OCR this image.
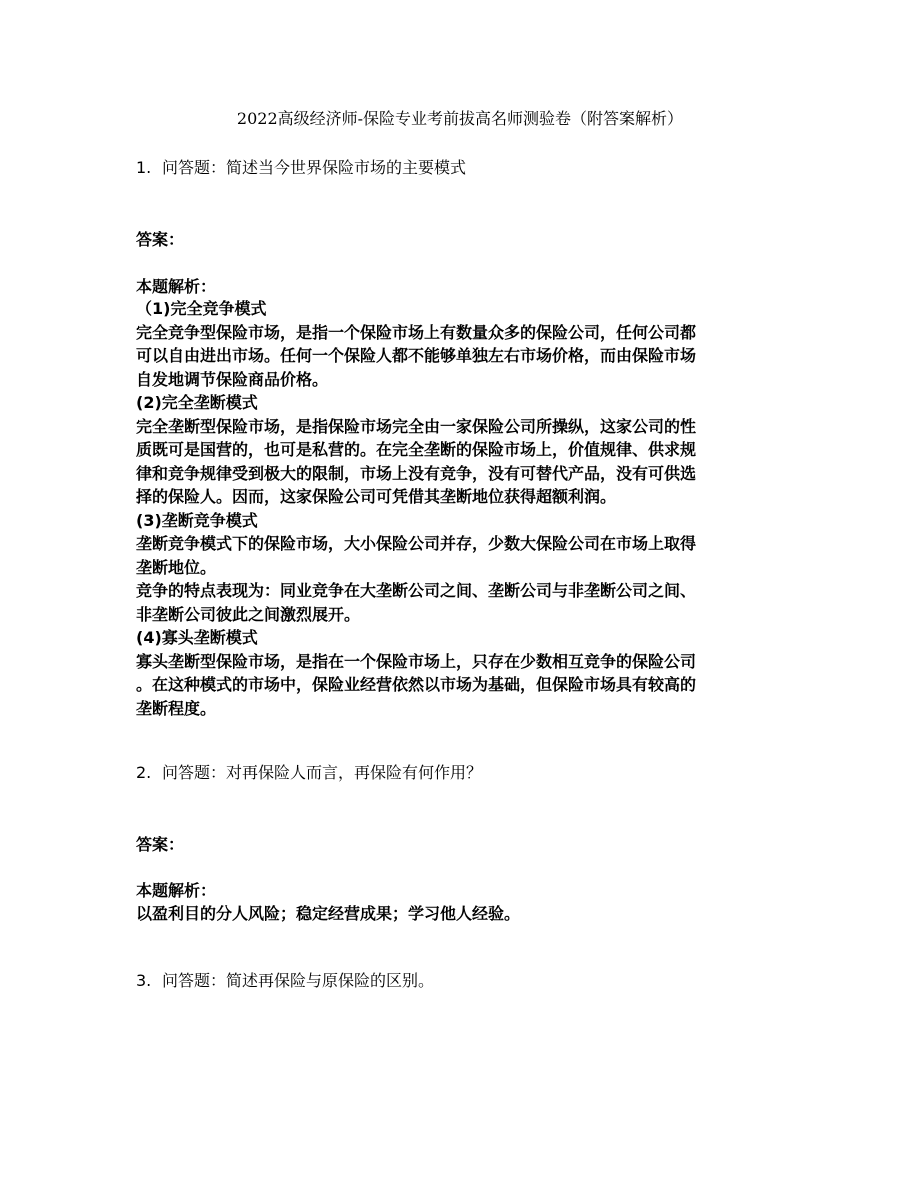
2022高级经济师-保险专业考前拔高名师测验卷（附答案解析）
1. 问答题：简述当今世界保险市场的主要模式
答案：
本题解析：
（1)完全竞争模式
完全竞争型保险市场，是指一个保险市场上有数量众多的保险公司，任何公司都
可以自由进出市场。任何一个保险人都不能够单独左右市场价格，而由保险市场
自发地调节保险商品价格。
(2)完全垄断模式
完全垄断型保险市场，是指保险市场完全由一家保险公司所操纵，这家公司的性
质既可是国营的，也可是私营的。在完全垄断的保险市场上，价值规律、供求规
律和竞争规律受到极大的限制，市场上没有竞争，没有可替代产品，没有可供选
择的保险人。因而，这家保险公司可凭借其垄断地位获得超额利润。
(3)垄断竞争模式
垄断竞争模式下的保险市场，大小保险公司并存，少数大保险公司在市场上取得
垄断地位。
竞争的特点表现为：同业竞争在大垄断公司之间、垄断公司与非垄断公司之间、
非垄断公司彼此之间激烈展开。
(4)寡头垄断模式
寡头垄断型保险市场，是指在一个保险市场上，只存在少数相互竞争的保险公司
。在这种模式的市场中，保险业经营依然以市场为基础，但保险市场具有较高的
垄断程度。
2. 问答题：对再保险人而言，再保险有何作用？
答案：
本题解析：
以盈利目的分人风险；稳定经营成果；学习他人经验。
3. 问答题：简述再保险与原保险的区别。
